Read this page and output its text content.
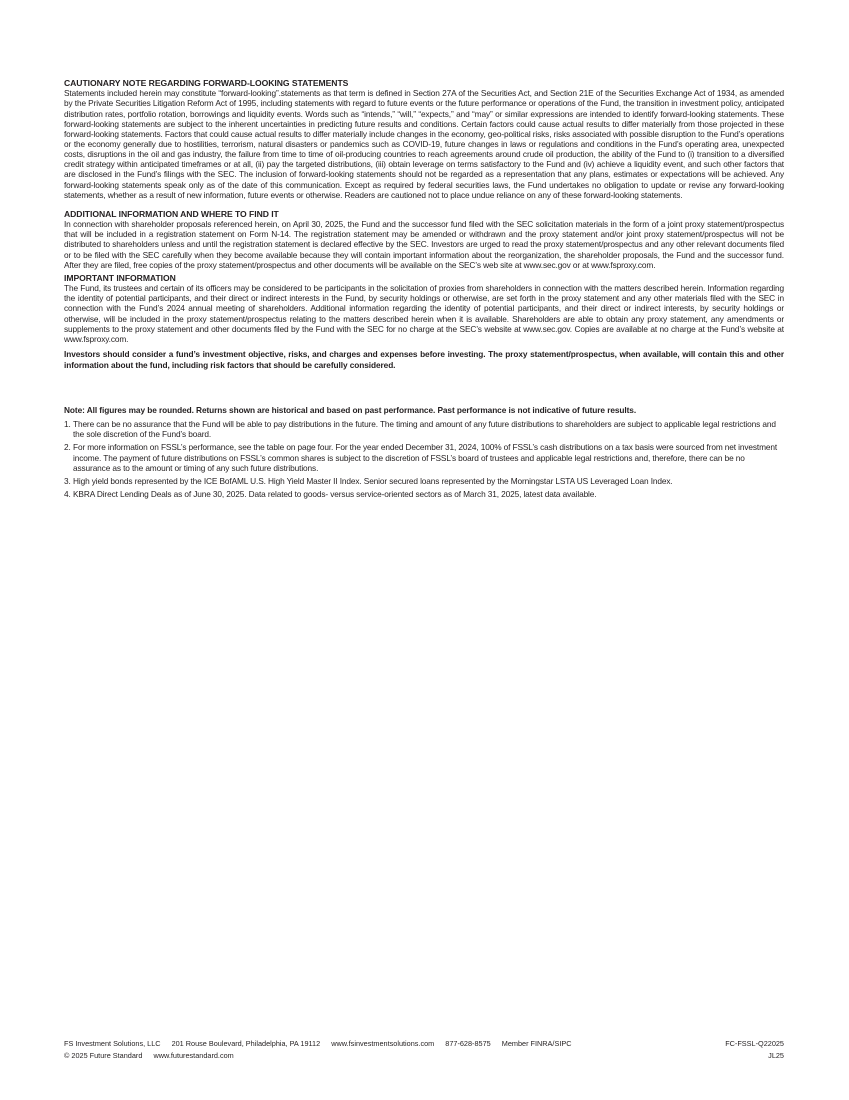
CAUTIONARY NOTE REGARDING FORWARD-LOOKING STATEMENTS

Statements included herein may constitute “forward-looking”.statements as that term is defined in Section 27A of the Securities Act, and Section 21E of the Securities Exchange Act of 1934, as amended by the Private Securities Litigation Reform Act of 1995, including statements with regard to future events or the future performance or operations of the Fund, the transition in investment policy, anticipated distribution rates, portfolio rotation, borrowings and liquidity events. Words such as “intends,” “will,” “expects,” and “may” or similar expressions are intended to identify forward-looking statements. These forward-looking statements are subject to the inherent uncertainties in predicting future results and conditions. Certain factors could cause actual results to differ materially from those projected in these forward-looking statements. Factors that could cause actual results to differ materially include changes in the economy, geo-political risks, risks associated with possible disruption to the Fund’s operations or the economy generally due to hostilities, terrorism, natural disasters or pandemics such as COVID-19, future changes in laws or regulations and conditions in the Fund’s operating area, unexpected costs, disruptions in the oil and gas industry, the failure from time to time of oil-producing countries to reach agreements around crude oil production, the ability of the Fund to (i) transition to a diversified credit strategy within anticipated timeframes or at all, (ii) pay the targeted distributions, (iii) obtain leverage on terms satisfactory to the Fund and (iv) achieve a liquidity event, and such other factors that are disclosed in the Fund’s filings with the SEC. The inclusion of forward-looking statements should not be regarded as a representation that any plans, estimates or expectations will be achieved. Any forward-looking statements speak only as of the date of this communication. Except as required by federal securities laws, the Fund undertakes no obligation to update or revise any forward-looking statements, whether as a result of new information, future events or otherwise. Readers are cautioned not to place undue reliance on any of these forward-looking statements.

ADDITIONAL INFORMATION AND WHERE TO FIND IT

In connection with shareholder proposals referenced herein, on April 30, 2025, the Fund and the successor fund filed with the SEC solicitation materials in the form of a joint proxy statement/prospectus that will be included in a registration statement on Form N-14. The registration statement may be amended or withdrawn and the proxy statement and/or joint proxy statement/prospectus will not be distributed to shareholders unless and until the registration statement is declared effective by the SEC. Investors are urged to read the proxy statement/prospectus and any other relevant documents filed or to be filed with the SEC carefully when they become available because they will contain important information about the reorganization, the shareholder proposals, the Fund and the successor fund. After they are filed, free copies of the proxy statement/prospectus and other documents will be available on the SEC’s web site at www.sec.gov or at www.fsproxy.com.

IMPORTANT INFORMATION

The Fund, its trustees and certain of its officers may be considered to be participants in the solicitation of proxies from shareholders in connection with the matters described herein. Information regarding the identity of potential participants, and their direct or indirect interests in the Fund, by security holdings or otherwise, are set forth in the proxy statement and any other materials filed with the SEC in connection with the Fund’s 2024 annual meeting of shareholders. Additional information regarding the identity of potential participants, and their direct or indirect interests, by security holdings or otherwise, will be included in the proxy statement/prospectus relating to the matters described herein when it is available. Shareholders are able to obtain any proxy statement, any amendments or supplements to the proxy statement and other documents filed by the Fund with the SEC for no charge at the SEC’s website at www.sec.gov. Copies are available at no charge at the Fund’s website at www.fsproxy.com.

Investors should consider a fund’s investment objective, risks, and charges and expenses before investing. The proxy statement/prospectus, when available, will contain this and other information about the fund, including risk factors that should be carefully considered.

Note: All figures may be rounded. Returns shown are historical and based on past performance. Past performance is not indicative of future results.
1. There can be no assurance that the Fund will be able to pay distributions in the future. The timing and amount of any future distributions to shareholders are subject to applicable legal restrictions and the sole discretion of the Fund’s board.
2. For more information on FSSL’s performance, see the table on page four. For the year ended December 31, 2024, 100% of FSSL’s cash distributions on a tax basis were sourced from net investment income. The payment of future distributions on FSSL’s common shares is subject to the discretion of FSSL’s board of trustees and applicable legal restrictions and, therefore, there can be no assurance as to the amount or timing of any such future distributions.
3. High yield bonds represented by the ICE BofAML U.S. High Yield Master II Index. Senior secured loans represented by the Morningstar LSTA US Leveraged Loan Index.
4. KBRA Direct Lending Deals as of June 30, 2025. Data related to goods- versus service-oriented sectors as of March 31, 2025, latest data available.
FS Investment Solutions, LLC 201 Rouse Boulevard, Philadelphia, PA 19112 www.fsinvestmentsolutions.com 877-628-8575 Member FINRA/SIPC
© 2025 Future Standard www.futurestandard.com
FC-FSSL-Q22025
JL25
